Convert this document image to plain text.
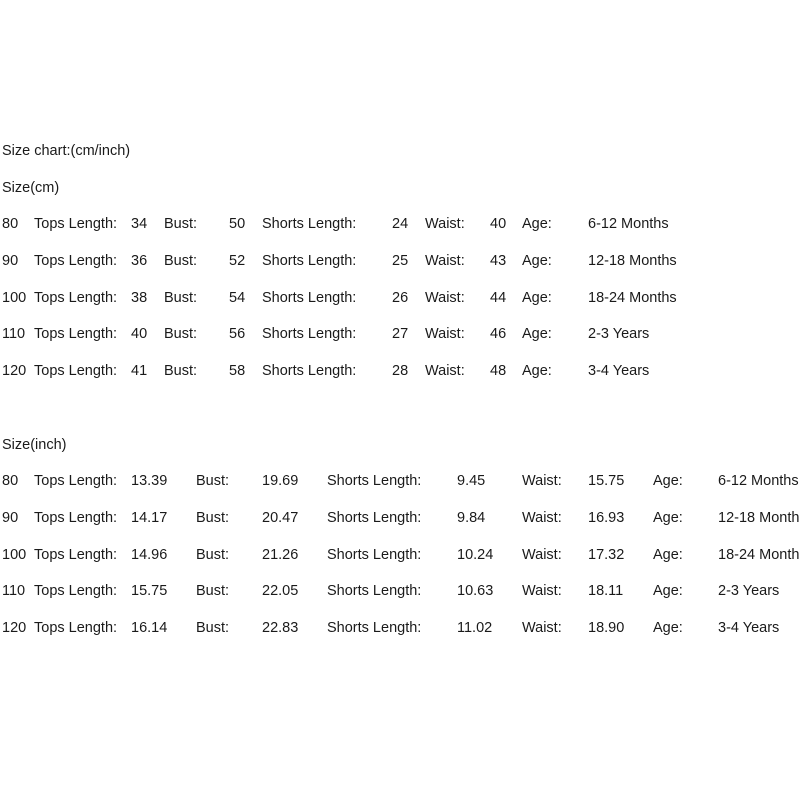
Size chart:(cm/inch)
Size(cm)
80 Tops Length: 34 Bust: 50 Shorts Length: 24 Waist: 40 Age: 6-12 Months
90 Tops Length: 36 Bust: 52 Shorts Length: 25 Waist: 43 Age: 12-18 Months
100 Tops Length: 38 Bust: 54 Shorts Length: 26 Waist: 44 Age: 18-24 Months
110 Tops Length: 40 Bust: 56 Shorts Length: 27 Waist: 46 Age: 2-3 Years
120 Tops Length: 41 Bust: 58 Shorts Length: 28 Waist: 48 Age: 3-4 Years
Size(inch)
80 Tops Length: 13.39 Bust: 19.69 Shorts Length: 9.45	Waist: 15.75 Age: 6-12 Months
90 Tops Length: 14.17 Bust: 20.47 Shorts Length: 9.84	Waist: 16.93 Age: 12-18 Month
100 Tops Length: 14.96 Bust: 21.26 Shorts Length: 10.24 Waist: 17.32 Age: 18-24 Month
110 Tops Length: 15.75 Bust: 22.05 Shorts Length: 10.63 Waist: 18.11 Age: 2-3 Years
120 Tops Length: 16.14 Bust: 22.83 Shorts Length: 11.02 Waist: 18.90 Age: 3-4 Years
